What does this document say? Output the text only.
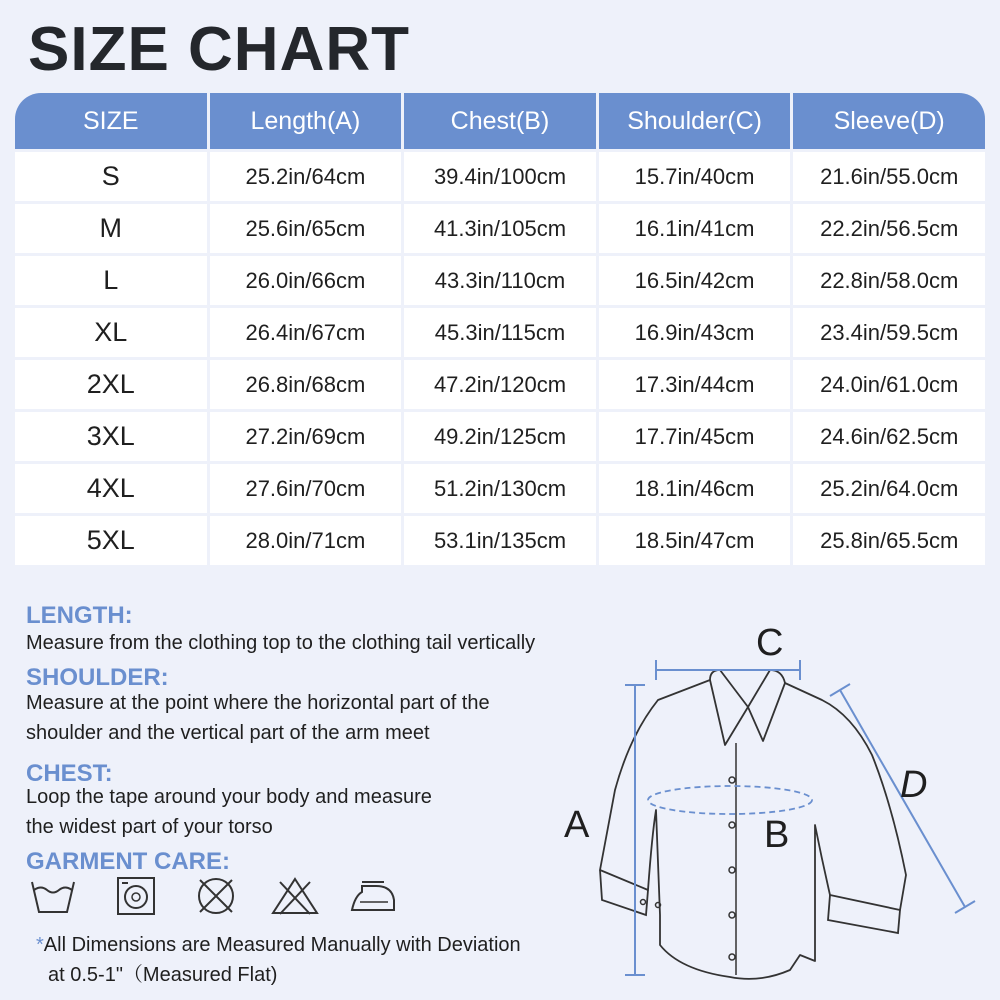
SIZE CHART
SIZE	Length(A)	Chest(B)	Shoulder(C)	Sleeve(D)
S	25.2in/64cm	39.4in/100cm	15.7in/40cm	21.6in/55.0cm
M	25.6in/65cm	41.3in/105cm	16.1in/41cm	22.2in/56.5cm
L	26.0in/66cm	43.3in/110cm	16.5in/42cm	22.8in/58.0cm
XL	26.4in/67cm	45.3in/115cm	16.9in/43cm	23.4in/59.5cm
2XL	26.8in/68cm	47.2in/120cm	17.3in/44cm	24.0in/61.0cm
3XL	27.2in/69cm	49.2in/125cm	17.7in/45cm	24.6in/62.5cm
4XL	27.6in/70cm	51.2in/130cm	18.1in/46cm	25.2in/64.0cm
5XL	28.0in/71cm	53.1in/135cm	18.5in/47cm	25.8in/65.5cm
LENGTH:

Measure from the clothing top to the clothing tail vertically

SHOULDER:

Measure at the point where the horizontal part of the

shoulder and the vertical part of the arm meet

CHEST:

Loop the tape around your body and measure

the widest part of your torso

GARMENT CARE:

*All Dimensions are Measured Manually with Deviation
at 0.5-1"（Measured Flat)

A	B
C
D
